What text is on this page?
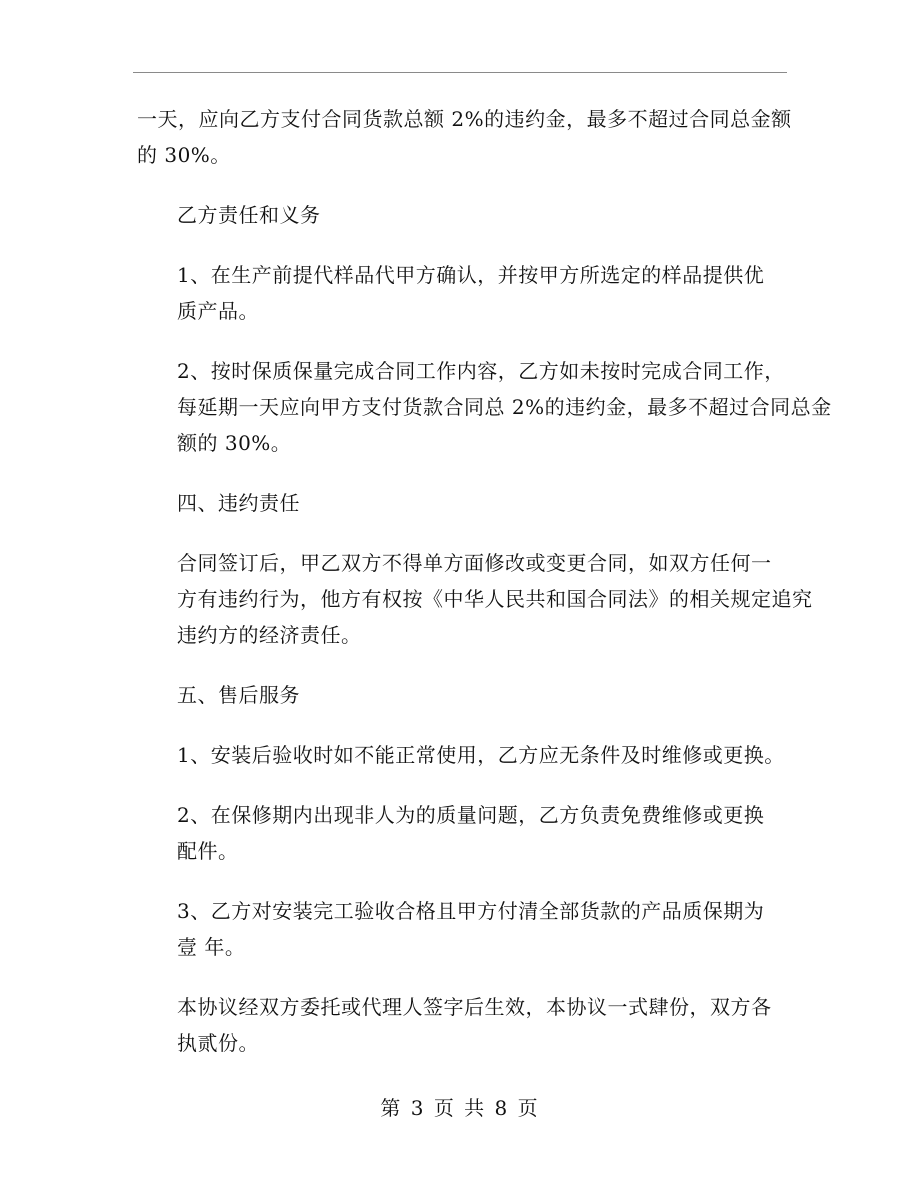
一天，应向乙方支付合同货款总额 2%的违约金，最多不超过合同总金额
的 30%。

乙方责任和义务

1、在生产前提代样品代甲方确认，并按甲方所选定的样品提供优
质产品。

2、按时保质保量完成合同工作内容，乙方如未按时完成合同工作，
每延期一天应向甲方支付货款合同总 2%的违约金，最多不超过合同总金
额的 30%。

四、违约责任

合同签订后，甲乙双方不得单方面修改或变更合同，如双方任何一
方有违约行为，他方有权按《中华人民共和国合同法》的相关规定追究
违约方的经济责任。

五、售后服务

1、安装后验收时如不能正常使用，乙方应无条件及时维修或更换。

2、在保修期内出现非人为的质量问题，乙方负责免费维修或更换
配件。

3、乙方对安装完工验收合格且甲方付清全部货款的产品质保期为
壹 年。

本协议经双方委托或代理人签字后生效，本协议一式肆份，双方各
执贰份。

第 3 页 共 8 页
